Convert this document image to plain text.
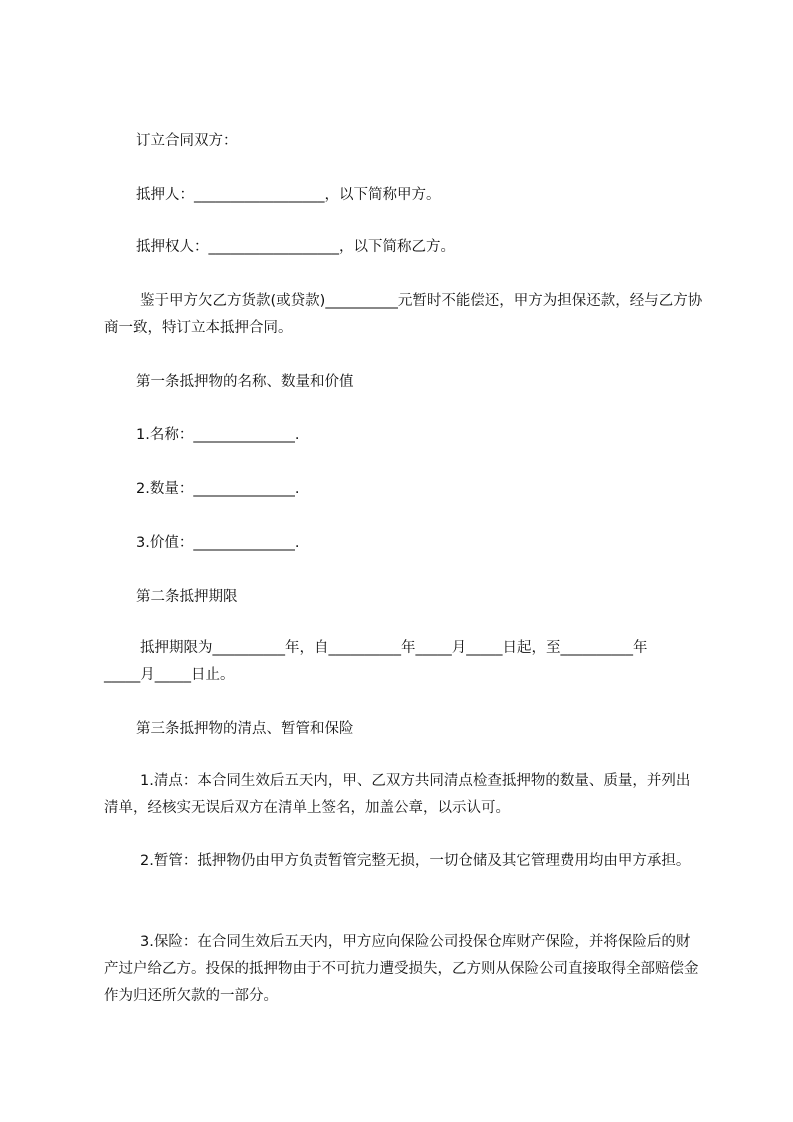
订立合同双方：

抵押人：__________________，以下简称甲方。

抵押权人：__________________，以下简称乙方。

鉴于甲方欠乙方货款(或贷款)__________元暂时不能偿还，甲方为担保还款，经与乙方协商一致，特订立本抵押合同。

第一条抵押物的名称、数量和价值

1.名称：______________.

2.数量：______________.

3.价值：______________.

第二条抵押期限

抵押期限为__________年，自__________年_____月_____日起，至__________年

_____月_____日止。

第三条抵押物的清点、暂管和保险

1.清点：本合同生效后五天内，甲、乙双方共同清点检查抵押物的数量、质量，并列出清单，经核实无误后双方在清单上签名，加盖公章，以示认可。

2.暂管：抵押物仍由甲方负责暂管完整无损，一切仓储及其它管理费用均由甲方承担。

3.保险：在合同生效后五天内，甲方应向保险公司投保仓库财产保险，并将保险后的财产过户给乙方。投保的抵押物由于不可抗力遭受损失，乙方则从保险公司直接取得全部赔偿金作为归还所欠款的一部分。
